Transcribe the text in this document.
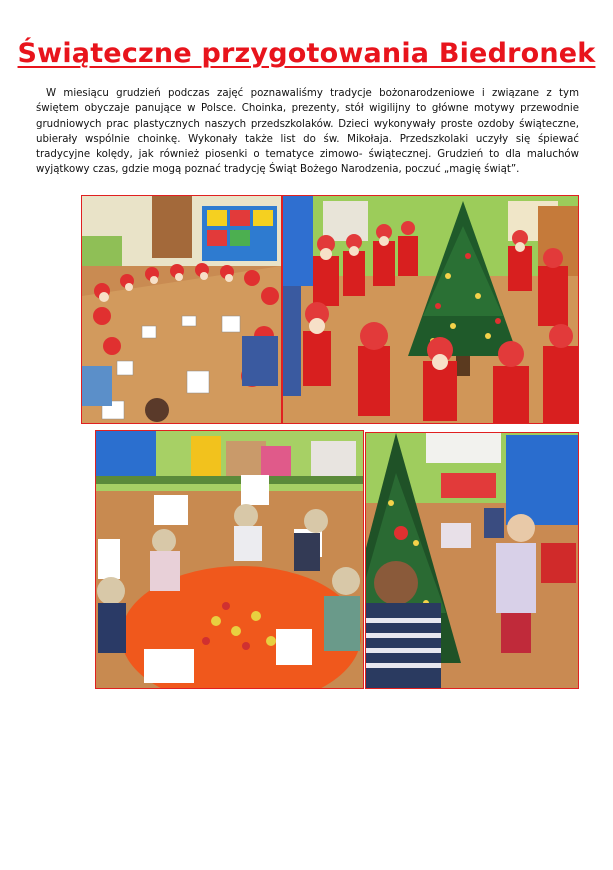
Świąteczne przygotowania Biedronek
W miesiącu grudzień podczas zajęć poznawaliśmy tradycje bożonarodzeniowe i związane z tym świętem obyczaje panujące w Polsce. Choinka, prezenty, stół wigilijny to główne motywy przewodnie grudniowych prac plastycznych naszych przedszkolaków. Dzieci wykonywały proste ozdoby świąteczne, ubierały wspólnie choinkę. Wykonały także list do św. Mikołaja. Przedszkolaki uczyły się śpiewać tradycyjne kolędy, jak również piosenki o tematyce zimowo- świątecznej. Grudzień to dla maluchów wyjątkowy czas, gdzie mogą poznać tradycję Świąt Bożego Narodzenia, poczuć „magię świąt”.
